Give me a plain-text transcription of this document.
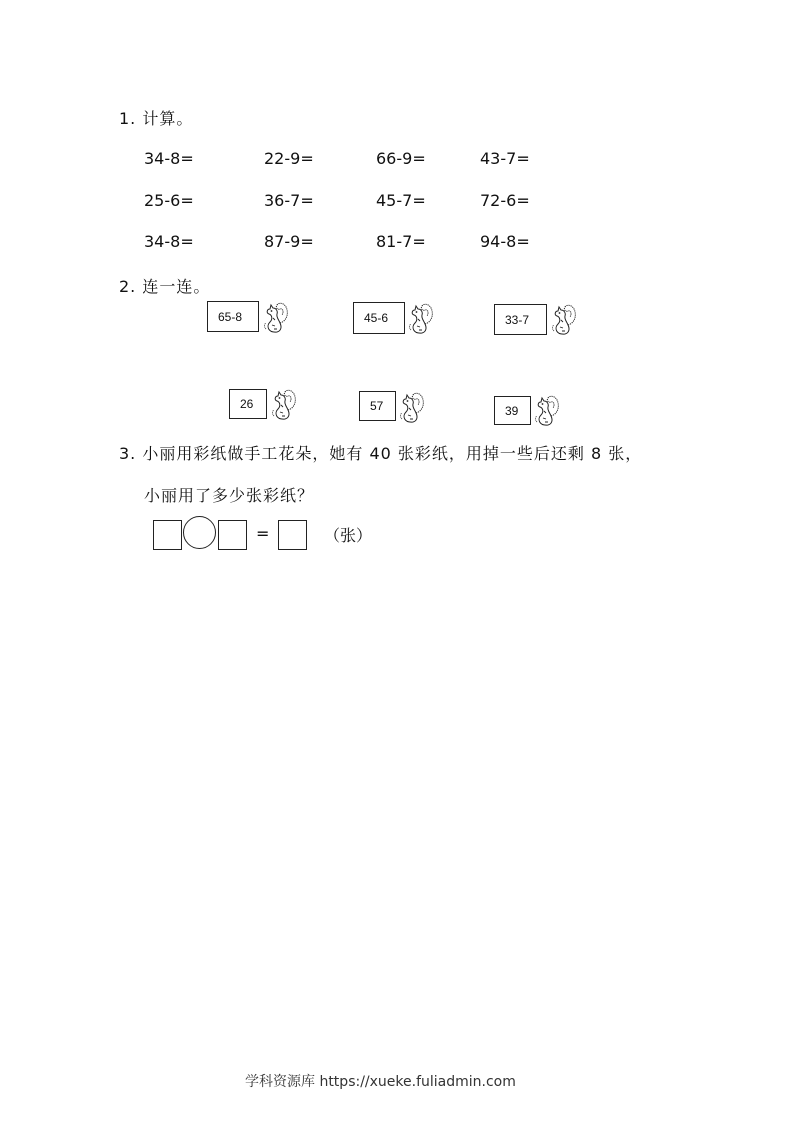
1. 计算。
34-8=	22-9=	66-9=	43-7=
25-6=	36-7=	45-7=	72-6=
34-8=	87-9=	81-7=	94-8=
2. 连一连。
65-8	45-6	33-7
26	57	39
3. 小丽用彩纸做手工花朵，她有 40 张彩纸，用掉一些后还剩 8 张，
小丽用了多少张彩纸？
=	（张）
学科资源库 https://xueke.fuliadmin.com
